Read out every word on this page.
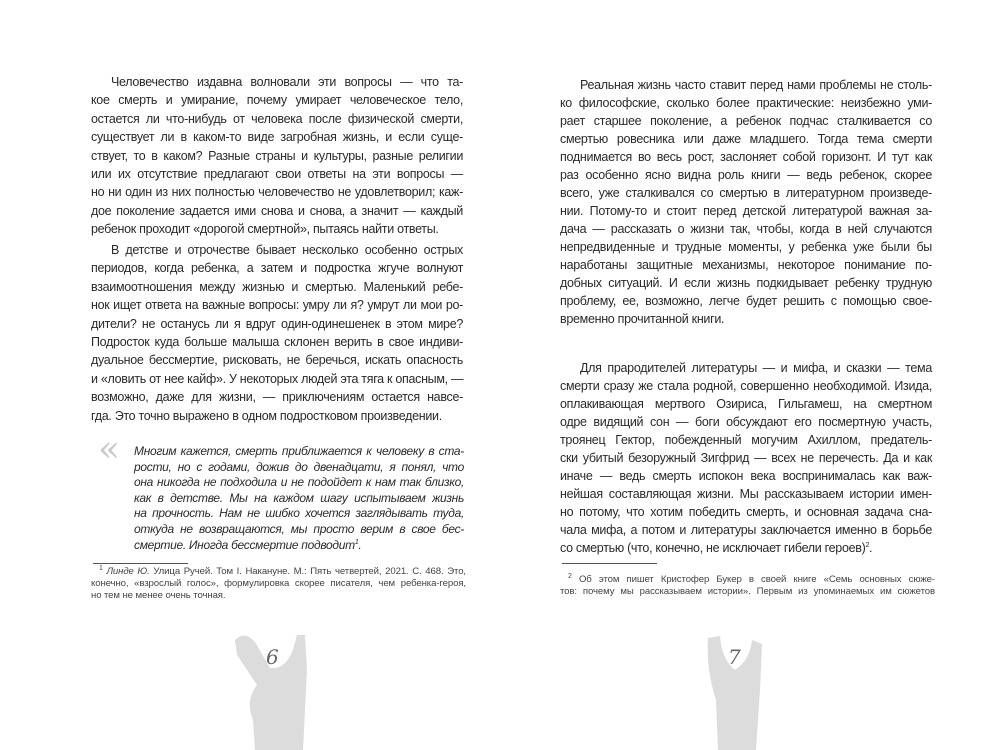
Человечество издавна волновали эти вопросы — что та-
кое смерть и умирание, почему умирает человеческое тело,
остается ли что-нибудь от человека после физической смерти,
существует ли в каком-то виде загробная жизнь, и если суще-
ствует, то в каком? Разные страны и культуры, разные религии
или их отсутствие предлагают свои ответы на эти вопросы —
но ни один из них полностью человечество не удовлетворил; каж-
дое поколение задается ими снова и снова, а значит — каждый
ребенок проходит «дорогой смертной», пытаясь найти ответы.
В детстве и отрочестве бывает несколько особенно острых
периодов, когда ребенка, а затем и подростка жгуче волнуют
взаимоотношения между жизнью и смертью. Маленький ребе-
нок ищет ответа на важные вопросы: умру ли я? умрут ли мои ро-
дители? не останусь ли я вдруг один-одинешенек в этом мире?
Подросток куда больше малыша склонен верить в свое индиви-
дуальное бессмертие, рисковать, не беречься, искать опасность
и «ловить от нее кайф». У некоторых людей эта тяга к опасным, —
возможно, даже для жизни, — приключениям остается навсе-
гда. Это точно выражено в одном подростковом произведении.
« Многим кажется, смерть приближается к человеку в ста-
рости, но с годами, дожив до двенадцати, я понял, что
она никогда не подходила и не подойдет к нам так близко,
как в детстве. Мы на каждом шагу испытываем жизнь
на прочность. Нам не шибко хочется заглядывать туда,
откуда не возвращаются, мы просто верим в свое бес-
смертие. Иногда бессмертие подводит$^1$.
$^1$ Линде Ю. Улица Ручей. Том I. Накануне. М.: Пять четвертей, 2021. С. 468. Это,
конечно, «взрослый голос», формулировка скорее писателя, чем ребенка-героя,
но тем не менее очень точная.
6
Реальная жизнь часто ставит перед нами проблемы не столь-
ко философские, сколько более практические: неизбежно уми-
рает старшее поколение, а ребенок подчас сталкивается со
смертью ровесника или даже младшего. Тогда тема смерти
поднимается во весь рост, заслоняет собой горизонт. И тут как
раз особенно ясно видна роль книги — ведь ребенок, скорее
всего, уже сталкивался со смертью в литературном произведе-
нии. Потому-то и стоит перед детской литературой важная за-
дача — рассказать о жизни так, чтобы, когда в ней случаются
непредвиденные и трудные моменты, у ребенка уже были бы
наработаны защитные механизмы, некоторое понимание по-
добных ситуаций. И если жизнь подкидывает ребенку трудную
проблему, ее, возможно, легче будет решить с помощью свое-
временно прочитанной книги.
Для прародителей литературы — и мифа, и сказки — тема
смерти сразу же стала родной, совершенно необходимой. Изида,
оплакивающая мертвого Озириса, Гильгамеш, на смертном
одре видящий сон — боги обсуждают его посмертную участь,
троянец Гектор, побежденный могучим Ахиллом, предатель-
ски убитый безоружный Зигфрид — всех не перечесть. Да и как
иначе — ведь смерть испокон века воспринималась как важ-
нейшая составляющая жизни. Мы рассказываем истории имен-
но потому, что хотим победить смерть, и основная задача сна-
чала мифа, а потом и литературы заключается именно в борьбе
со смертью (что, конечно, не исключает гибели героев)$^2$.
$^2$ Об этом пишет Кристофер Букер в своей книге «Семь основных сюже-
тов: почему мы рассказываем истории». Первым из упоминаемых им сюжетов
7
